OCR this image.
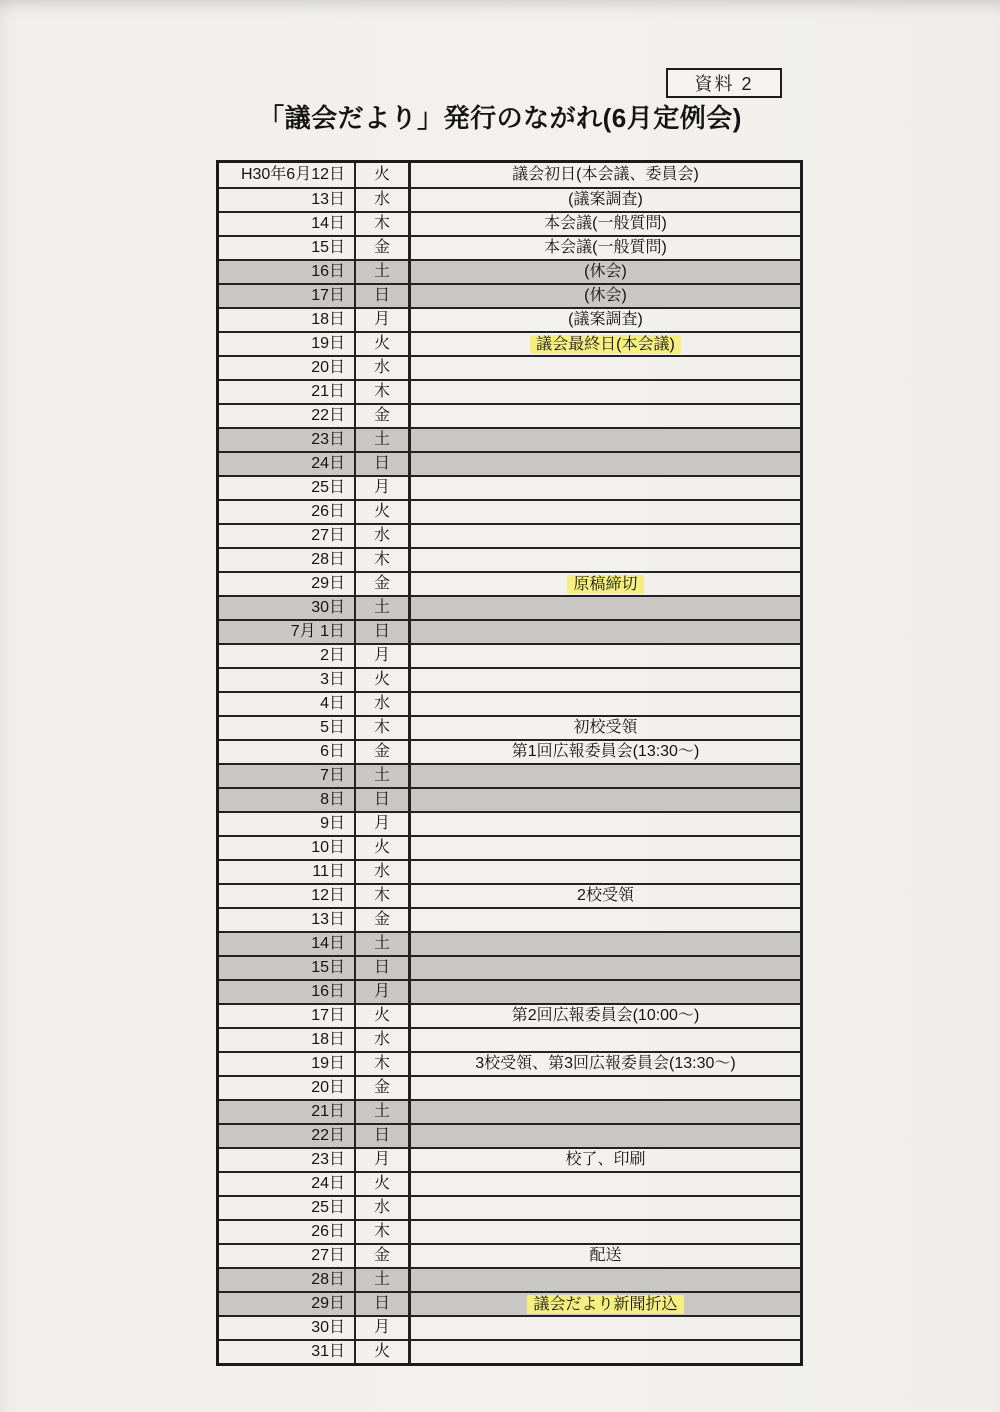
資料 2
「議会だより」発行のながれ(6月定例会)
H30年6月12日	火	議会初日(本会議、委員会)
13日	水	(議案調査)
14日	木	本会議(一般質問)
15日	金	本会議(一般質問)
16日	土	(休会)
17日	日	(休会)
18日	月	(議案調査)
19日	火	議会最終日(本会議)
20日	水
21日	木
22日	金
23日	土
24日	日
25日	月
26日	火
27日	水
28日	木
29日	金	原稿締切
30日	土
7月 1日	日
2日	月
3日	火
4日	水
5日	木	初校受領
6日	金	第1回広報委員会(13:30〜)
7日	土
8日	日
9日	月
10日	火
11日	水
12日	木	2校受領
13日	金
14日	土
15日	日
16日	月
17日	火	第2回広報委員会(10:00〜)
18日	水
19日	木	3校受領、第3回広報委員会(13:30〜)
20日	金
21日	土
22日	日
23日	月	校了、印刷
24日	火
25日	水
26日	木
27日	金	配送
28日	土
29日	日	議会だより新聞折込
30日	月
31日	火
